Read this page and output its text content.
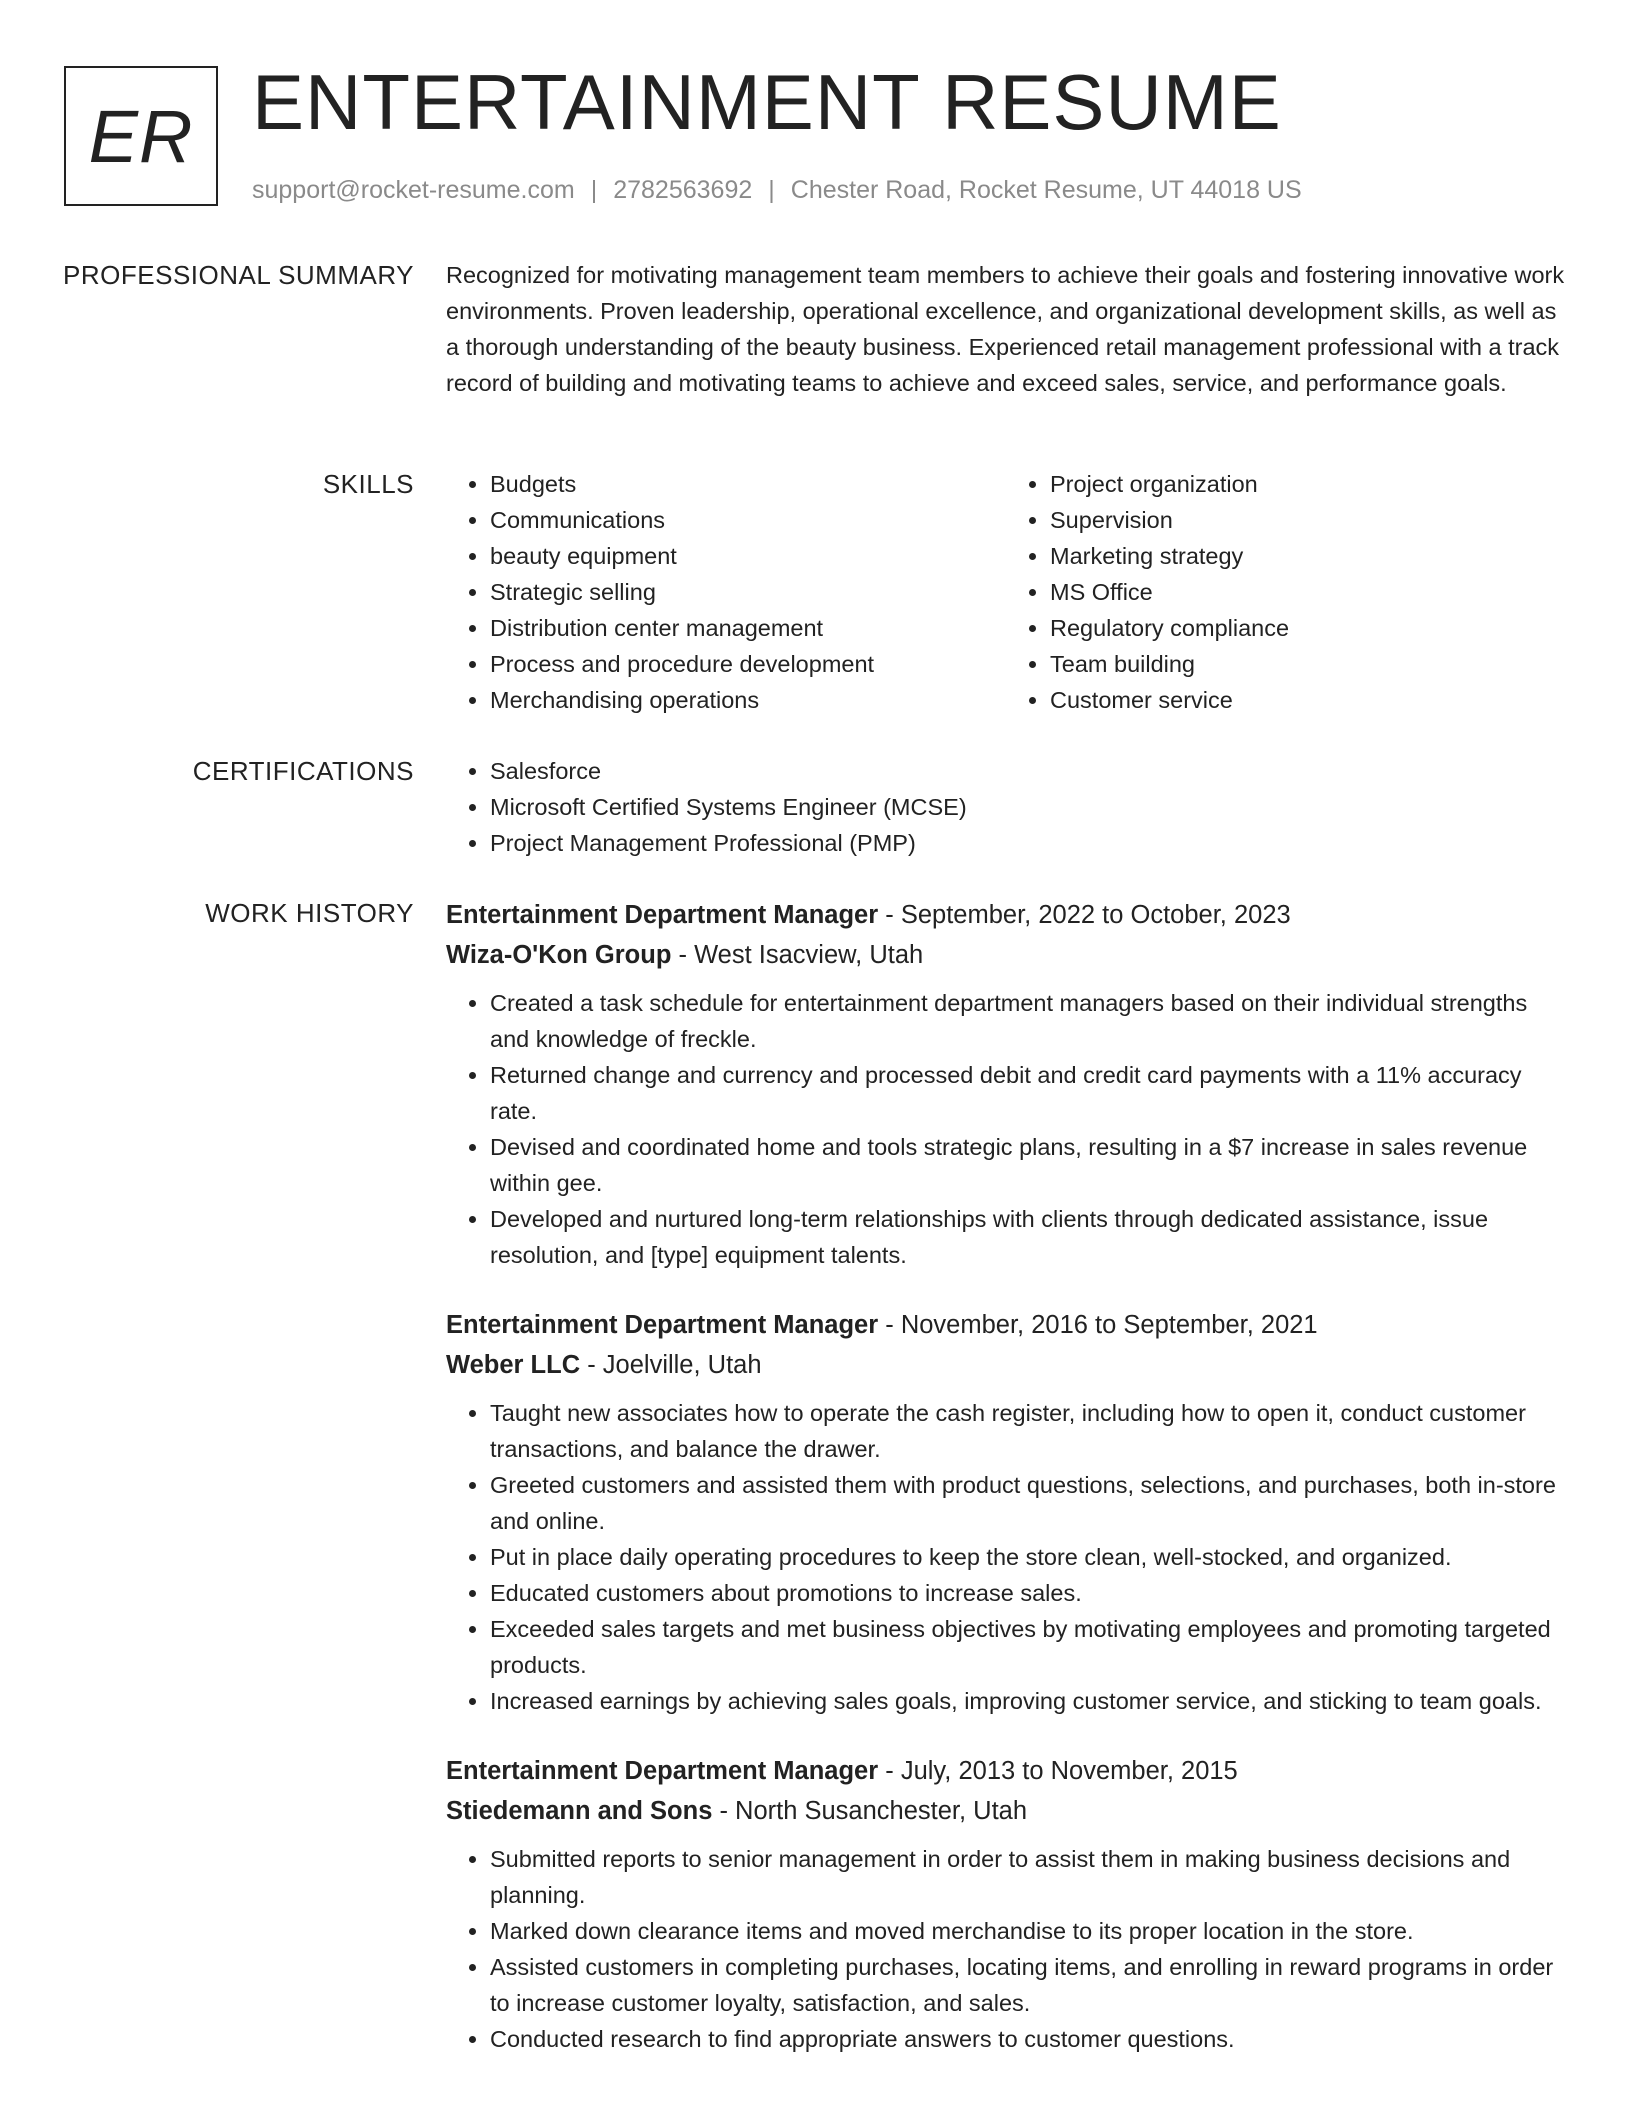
ER ENTERTAINMENT RESUME
support@rocket-resume.com | 2782563692 | Chester Road, Rocket Resume, UT 44018 US
PROFESSIONAL SUMMARY Recognized for motivating management team members to achieve their goals and fostering innovative work environments. Proven leadership, operational excellence, and organizational development skills, as well as a thorough understanding of the beauty business. Experienced retail management professional with a track record of building and motivating teams to achieve and exceed sales, service, and performance goals.

SKILLS	• Budgets
• Communications
• beauty equipment
• Strategic selling
• Distribution center management
• Process and procedure development
• Merchandising operations
• Project organization
• Supervision
• Marketing strategy
• MS Office
• Regulatory compliance
• Team building
• Customer service
CERTIFICATIONS	• Salesforce
• Microsoft Certified Systems Engineer (MCSE)
• Project Management Professional (PMP)
WORK HISTORY Entertainment Department Manager - September, 2022 to October, 2023
Wiza-O'Kon Group - West Isacview, Utah
• Created a task schedule for entertainment department managers based on their individual strengths and knowledge of freckle.
• Returned change and currency and processed debit and credit card payments with a 11% accuracy rate.
• Devised and coordinated home and tools strategic plans, resulting in a $7 increase in sales revenue within gee.
• Developed and nurtured long-term relationships with clients through dedicated assistance, issue resolution, and [type] equipment talents.
Entertainment Department Manager - November, 2016 to September, 2021
Weber LLC - Joelville, Utah
• Taught new associates how to operate the cash register, including how to open it, conduct customer transactions, and balance the drawer.
• Greeted customers and assisted them with product questions, selections, and purchases, both in-store and online.
• Put in place daily operating procedures to keep the store clean, well-stocked, and organized.
• Educated customers about promotions to increase sales.
• Exceeded sales targets and met business objectives by motivating employees and promoting targeted products.
• Increased earnings by achieving sales goals, improving customer service, and sticking to team goals.
Entertainment Department Manager - July, 2013 to November, 2015
Stiedemann and Sons - North Susanchester, Utah
• Submitted reports to senior management in order to assist them in making business decisions and planning.
• Marked down clearance items and moved merchandise to its proper location in the store.
• Assisted customers in completing purchases, locating items, and enrolling in reward programs in order to increase customer loyalty, satisfaction, and sales.
• Conducted research to find appropriate answers to customer questions.
